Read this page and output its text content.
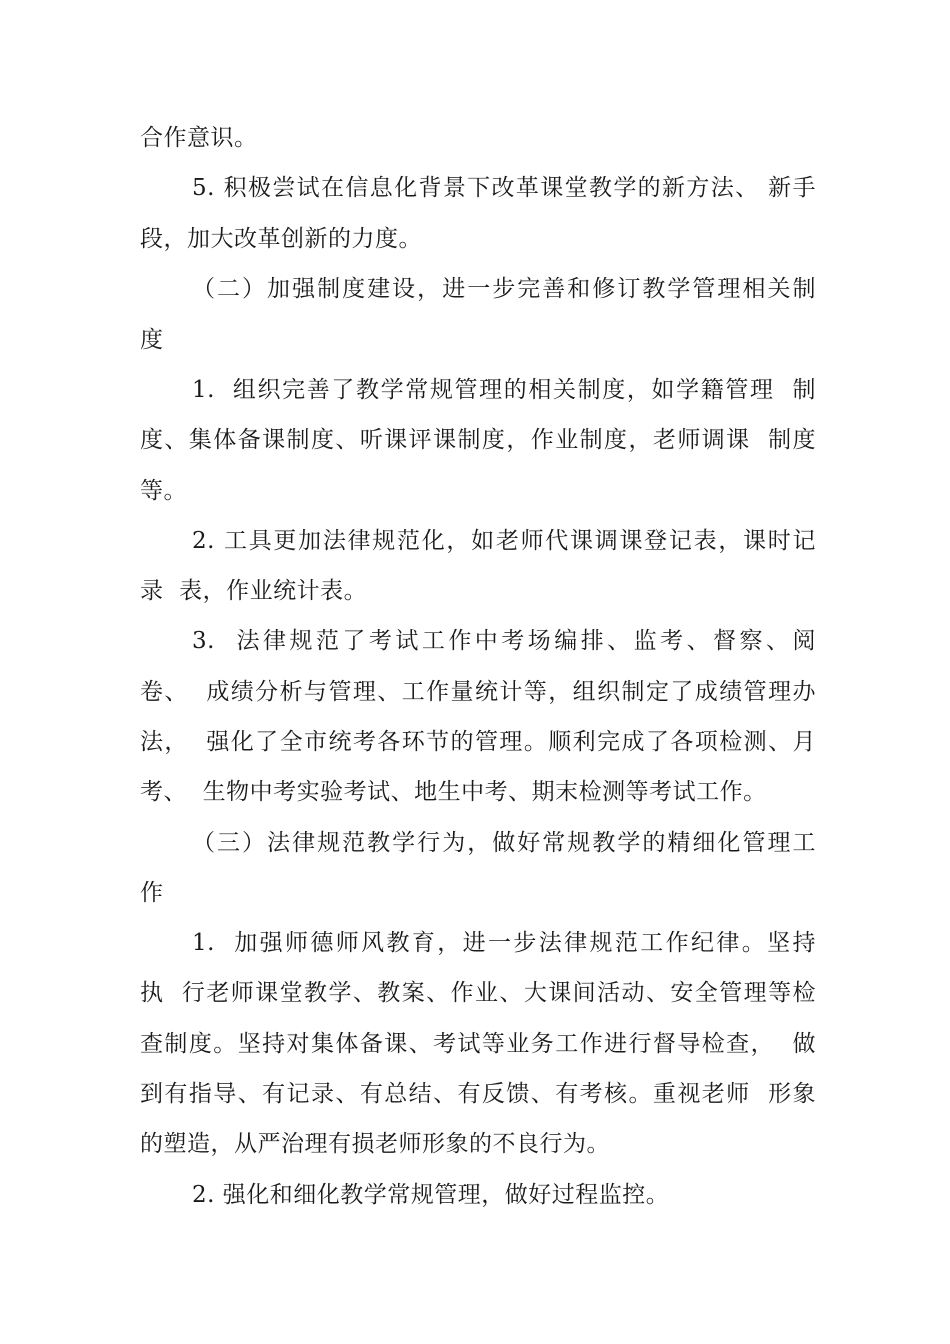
合作意识。
5. 积极尝试在信息化背景下改革课堂教学的新方法、 新手
段，加大改革创新的力度。
（二）加强制度建设，进一步完善和修订教学管理相关制
度
1.  组织完善了教学常规管理的相关制度，如学籍管理  制
度、集体备课制度、听课评课制度，作业制度，老师调课  制度
等。
2. 工具更加法律规范化，如老师代课调课登记表，课时记
录  表，作业统计表。
3.  法律规范了考试工作中考场编排、监考、督察、阅
卷、  成绩分析与管理、工作量统计等，组织制定了成绩管理办
法，  强化了全市统考各环节的管理。顺利完成了各项检测、月
考、  生物中考实验考试、地生中考、期末检测等考试工作。
（三）法律规范教学行为，做好常规教学的精细化管理工
作
1.  加强师德师风教育，进一步法律规范工作纪律。坚持
执  行老师课堂教学、教案、作业、大课间活动、安全管理等检
查制度。坚持对集体备课、考试等业务工作进行督导检查，  做
到有指导、有记录、有总结、有反馈、有考核。重视老师  形象
的塑造，从严治理有损老师形象的不良行为。
2. 强化和细化教学常规管理，做好过程监控。
